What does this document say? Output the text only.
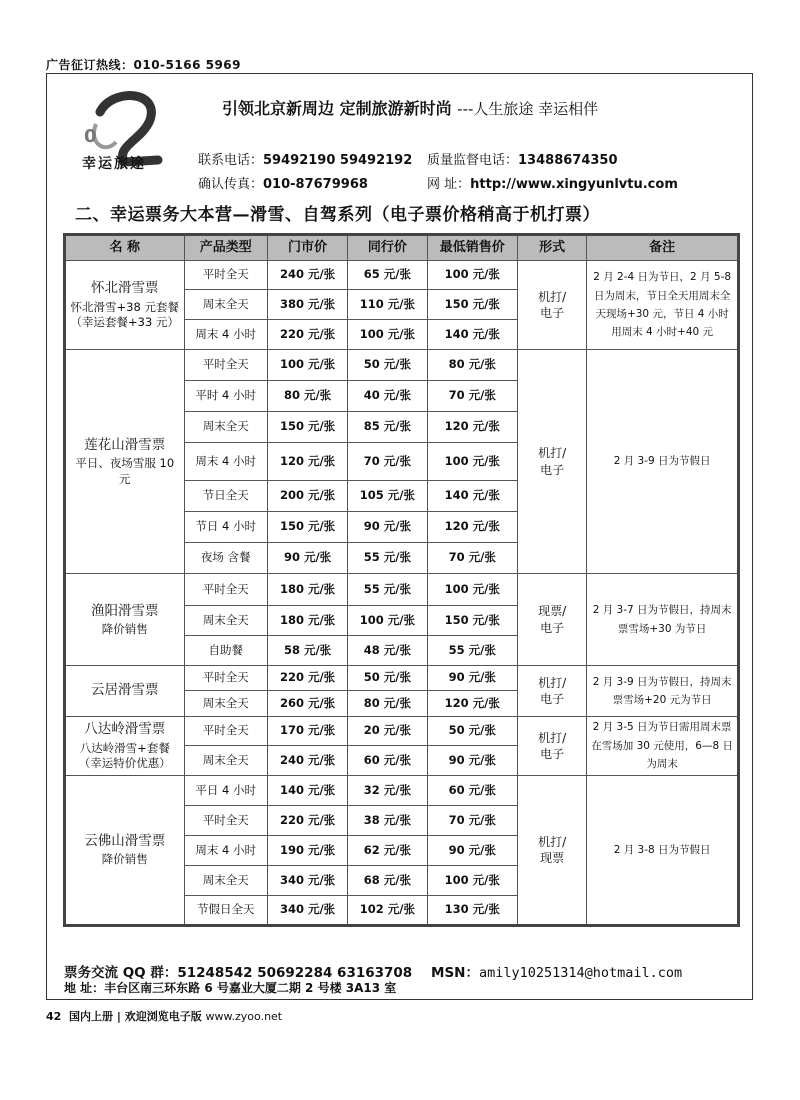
广告征订热线：010-5166 5969
0
幸运旅途
引领北京新周边 定制旅游新时尚 ---人生旅途 幸运相伴
联系电话：59492190 59492192 质量监督电话：13488674350
确认传真：010-87679968	网 址：http://www.xingyunlvtu.com
二、幸运票务大本营—滑雪、自驾系列（电子票价格稍高于机打票）
名 称	产品类型	门市价	同行价	最低销售价	形式	备注

怀北滑雪票
怀北滑雪+38 元套餐
（幸运套餐+33 元）	平时全天	240 元/张	65 元/张	100 元/张	机打/
电子	2 月 2-4 日为节日，2 月 5-8 日为周末，节日全天用周末全天现场+30 元，节日 4 小时用周末 4 小时+40 元
	周末全天	380 元/张	110 元/张	150 元/张		
	周末 4 小时	220 元/张	100 元/张	140 元/张		

莲花山滑雪票
平日、夜场雪服 10 元	平时全天	100 元/张	50 元/张	80 元/张	机打/
电子	2 月 3-9 日为节假日
	平时 4 小时	80 元/张	40 元/张	70 元/张		
	周末全天	150 元/张	85 元/张	120 元/张		
	周末 4 小时	120 元/张	70 元/张	100 元/张		
	节日全天	200 元/张	105 元/张	140 元/张		
	节日 4 小时	150 元/张	90 元/张	120 元/张		
	夜场 含餐	90 元/张	55 元/张	70 元/张		

渔阳滑雪票
降价销售	平时全天	180 元/张	55 元/张	100 元/张	现票/
电子	2 月 3-7 日为节假日，持周末票雪场+30 为节日
	周末全天	180 元/张	100 元/张	150 元/张		
	自助餐	58 元/张	48 元/张	55 元/张		

云居滑雪票	平时全天	220 元/张	50 元/张	90 元/张	机打/
电子	2 月 3-9 日为节假日，持周末票雪场+20 元为节日
	周末全天	260 元/张	80 元/张	120 元/张		

八达岭滑雪票
八达岭滑雪+套餐
（幸运特价优惠）	平时全天	170 元/张	20 元/张	50 元/张	机打/
电子	2 月 3-5 日为节日需用周末票在雪场加 30 元使用，6—8 日为周末
	周末全天	240 元/张	60 元/张	90 元/张		

云佛山滑雪票
降价销售	平日 4 小时	140 元/张	32 元/张	60 元/张	机打/
现票	2 月 3-8 日为节假日
	平时全天	220 元/张	38 元/张	70 元/张		
	周末 4 小时	190 元/张	62 元/张	90 元/张		
	周末全天	340 元/张	68 元/张	100 元/张		
	节假日全天	340 元/张	102 元/张	130 元/张		
票务交流 QQ 群：51248542 50692284 63163708 MSN：amily10251314@hotmail.com
地 址：丰台区南三环东路 6 号嘉业大厦二期 2 号楼 3A13 室
42 国内上册 | 欢迎浏览电子版 www.zyoo.net
